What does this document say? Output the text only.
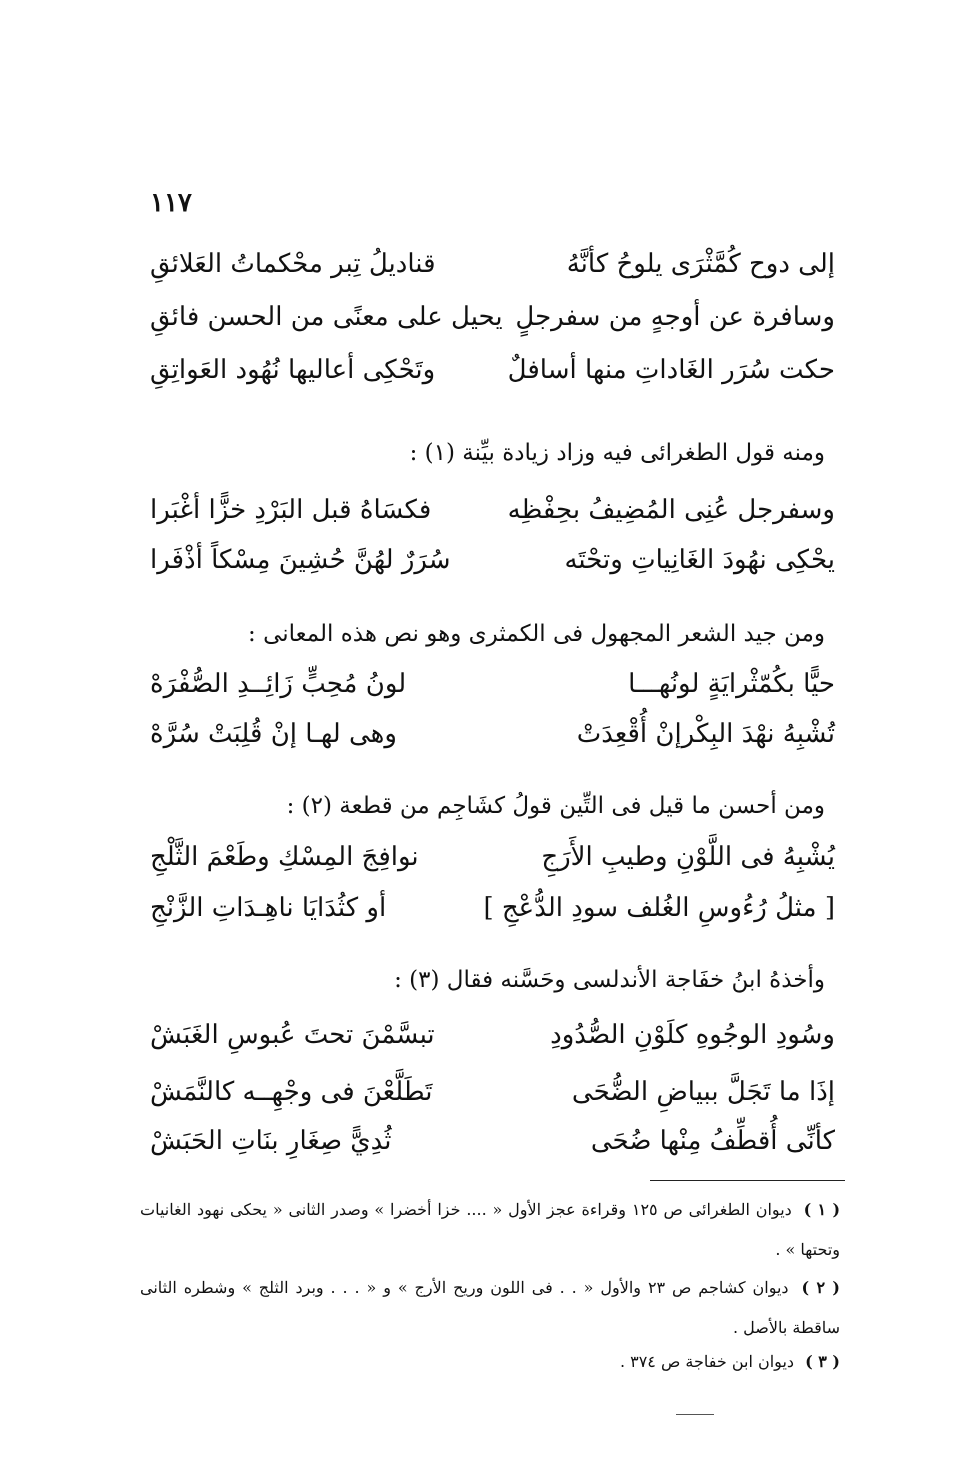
١١٧
إلى دوح كُمَّثْرَى يلوحُ كأنَّهُ
قناديلُ تِبر محْكماتُ العَلائقِ
وسافرة عن أوجهٍ من سفرجلٍ
يحيل على معنًى من الحسن فائقِ
حكت سُرَر الغَاداتِ منها أسافلٌ
وتَحْكِى أعاليها نُهُود العَواتِقِ
ومنه قول الطغرائى فيه وزاد زيادة بيِّنة (١) :
وسفرجل عُنِى المُضِيفُ بحِفْظِه
فكسَاهُ قبل البَرْدِ خزًّا أغْبَرا
يحْكِى نهُودَ الغَانِياتِ وتحْتَه
سُرَرٌ لهُنَّ حُشِينَ مِسْكاً أذْفَرا
ومن جيد الشعر المجهول فى الكمثرى وهو نص هذه المعانى :
حيًّا بكُمّثْرايَةٍ لونُهـــا
لونُ مُحِبٍّ زَائِــدِ الصُّفْرَهْ
تُشْبِهُ نهْدَ البِكْرإنْ أُقْعِدَتْ
وهى لهـا إنْ قُلِبَتْ سُرَّهْ
ومن أحسن ما قيل فى التِّين قولُ كشَاجِم من قطعة (٢) :
يُشْبِهُ فى اللَّوْنِ وطيبِ الأَرَجِ
نوافِجَ المِسْكِ وطَعْمَ الثَّلْجِ
[ مثلُ رُءُوسِ الغُلف سودِ الدُّعْجِ ]
أو كثُدَايَا ناهِـدَاتِ الزَّنْجِ
وأخذهُ ابنُ خفَاجة الأندلسى وحَسَّنه فقال (٣) :
وسُودِ الوجُوهِ كلَوْنِ الصُّدُودِ
تبسَّمْنَ تحتَ عُبوسِ الغَبَشْ
إذَا ما تَجَلَّ ببياضِ الضُّحَى
تَطَلَّعْنَ فى وجْهِــه كالنَّمَشْ
كأنِّى أُقطِّفُ مِنْها ضُحَى
ثُدِيًّ صِغَارِ بنَاتِ الحَبَشْ
( ١ ) ديوان الطغرائى ص ١٢٥ وقراءة عجز الأول « .... خزا أخضرا » وصدر الثانى « يحكى نهود الغانيات وتحتها » .
( ٢ ) ديوان كشاجم ص ٢٣ والأول « . . فى اللون وريح الأرج » و « . . . وبرد الثلج » وشطره الثانى ساقطة بالأصل .
( ٣ ) ديوان ابن خفاجة ص ٣٧٤ .
